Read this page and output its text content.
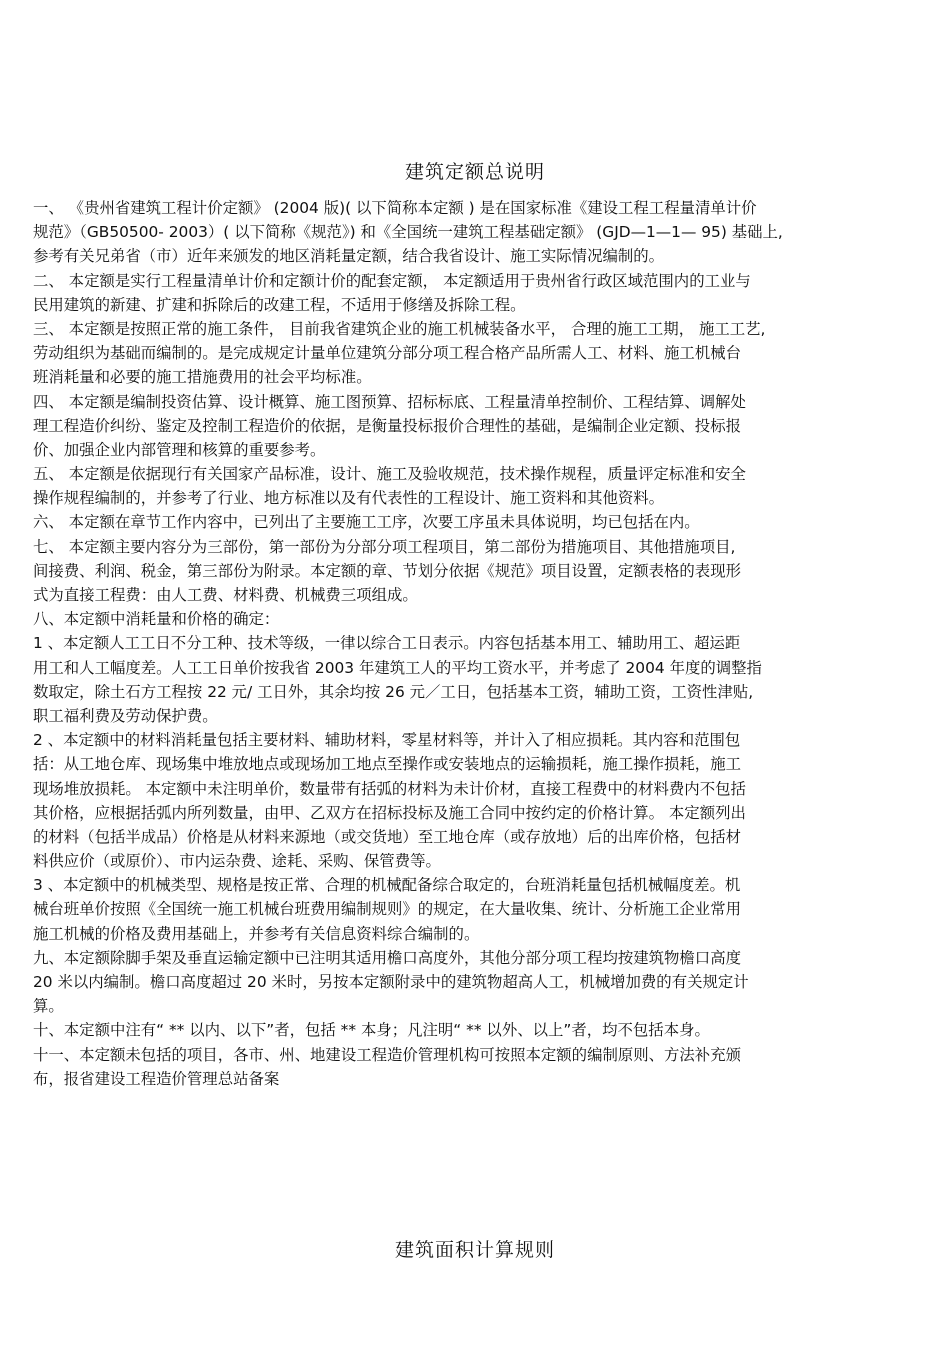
建筑定额总说明
一、 《贵州省建筑工程计价定额》 (2004 版)( 以下简称本定额 ) 是在国家标准《建设工程工程量清单计价
规范》（GB50500- 2003）( 以下简称《规范》) 和《全国统一建筑工程基础定额》 (GJD—1—1— 95) 基础上,
参考有关兄弟省（市）近年来颁发的地区消耗量定额，结合我省设计、施工实际情况编制的。
二、 本定额是实行工程量清单计价和定额计价的配套定额， 本定额适用于贵州省行政区域范围内的工业与
民用建筑的新建、扩建和拆除后的改建工程，不适用于修缮及拆除工程。
三、 本定额是按照正常的施工条件， 目前我省建筑企业的施工机械装备水平， 合理的施工工期， 施工工艺,
劳动组织为基础而编制的。是完成规定计量单位建筑分部分项工程合格产品所需人工、材料、施工机械台
班消耗量和必要的施工措施费用的社会平均标准。
四、 本定额是编制投资估算、设计概算、施工图预算、招标标底、工程量清单控制价、工程结算、调解处
理工程造价纠纷、鉴定及控制工程造价的依据，是衡量投标报价合理性的基础，是编制企业定额、投标报
价、加强企业内部管理和核算的重要参考。
五、 本定额是依据现行有关国家产品标准，设计、施工及验收规范，技术操作规程，质量评定标准和安全
操作规程编制的，并参考了行业、地方标准以及有代表性的工程设计、施工资料和其他资料。
六、 本定额在章节工作内容中，已列出了主要施工工序，次要工序虽未具体说明，均已包括在内。
七、 本定额主要内容分为三部份，第一部份为分部分项工程项目，第二部份为措施项目、其他措施项目,
间接费、利润、税金，第三部份为附录。本定额的章、节划分依据《规范》项目设置，定额表格的表现形
式为直接工程费：由人工费、材料费、机械费三项组成。
八、本定额中消耗量和价格的确定：
1 、本定额人工工日不分工种、技术等级，一律以综合工日表示。内容包括基本用工、辅助用工、超运距
用工和人工幅度差。人工工日单价按我省 2003 年建筑工人的平均工资水平，并考虑了 2004 年度的调整指
数取定，除土石方工程按 22 元/ 工日外，其余均按 26 元／工日，包括基本工资，辅助工资，工资性津贴,
职工福利费及劳动保护费。
2 、本定额中的材料消耗量包括主要材料、辅助材料，零星材料等，并计入了相应损耗。其内容和范围包
括：从工地仓库、现场集中堆放地点或现场加工地点至操作或安装地点的运输损耗，施工操作损耗，施工
现场堆放损耗。 本定额中未注明单价，数量带有括弧的材料为未计价材，直接工程费中的材料费内不包括
其价格，应根据括弧内所列数量，由甲、乙双方在招标投标及施工合同中按约定的价格计算。 本定额列出
的材料（包括半成品）价格是从材料来源地（或交货地）至工地仓库（或存放地）后的出库价格，包括材
料供应价（或原价）、市内运杂费、途耗、采购、保管费等。
3 、本定额中的机械类型、规格是按正常、合理的机械配备综合取定的，台班消耗量包括机械幅度差。机
械台班单价按照《全国统一施工机械台班费用编制规则》的规定，在大量收集、统计、分析施工企业常用
施工机械的价格及费用基础上，并参考有关信息资料综合编制的。
九、本定额除脚手架及垂直运输定额中已注明其适用檐口高度外，其他分部分项工程均按建筑物檐口高度
20 米以内编制。檐口高度超过 20 米时，另按本定额附录中的建筑物超高人工，机械增加费的有关规定计
算。
十、本定额中注有“ ** 以内、以下”者，包括 ** 本身；凡注明“ ** 以外、以上”者，均不包括本身。
十一、本定额未包括的项目，各市、州、地建设工程造价管理机构可按照本定额的编制原则、方法补充颁
布，报省建设工程造价管理总站备案
建筑面积计算规则
